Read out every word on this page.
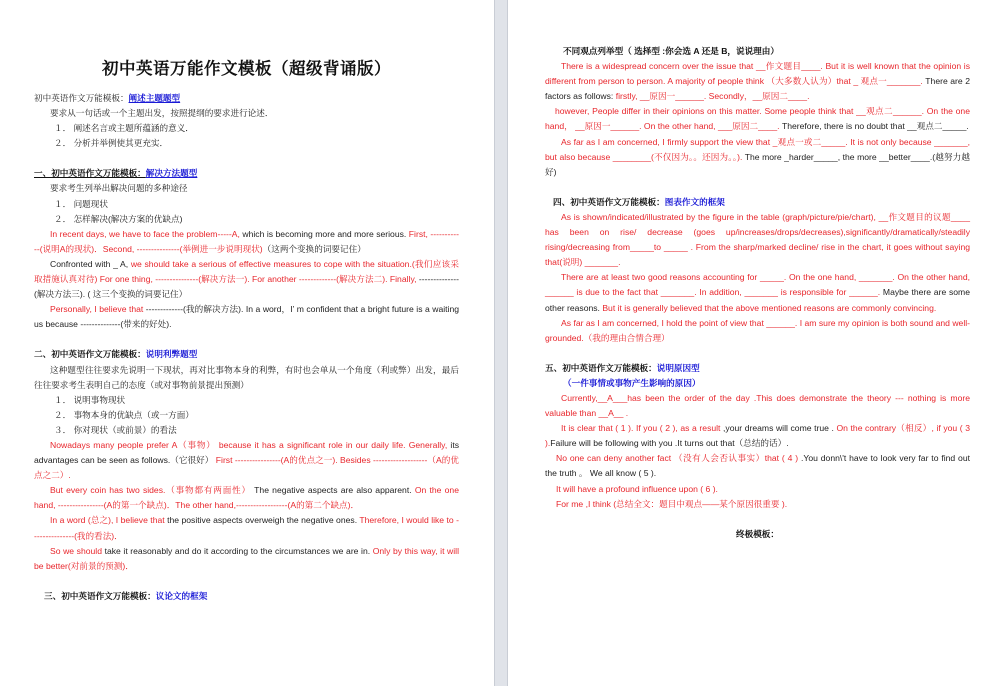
初中英语万能作文模板（超级背诵版）
初中英语作文万能模板：阐述主题题型
要求从一句话或一个主题出发，按照提纲的要求进行论述．
１． 阐述名言或主题所蕴涵的意义．
２． 分析并举例使其更充实．
一、初中英语作文万能模板：解决方法题型
要求考生列举出解决问题的多种途径
１． 问题现状
２． 怎样解决(解决方案的优缺点)
In recent days, we have to face the problem-----A, which is becoming more and more serious. First, ------------(说明A的现状)．Second, ---------------(举例进一步说明现状)（这两个变换的词要记住）
Confronted with _ A, we should take a serious of effective measures to cope with the situation.(我们应该采取措施认真对待) For one thing, ---------------(解决方法一). For another -------------(解决方法二). Finally, --------------(解决方法三). ( 这三个变换的词要记住）
Personally, I believe that -------------(我的解决方法). In a word，I’ m confident that a bright future is a waiting us because --------------(带来的好处).
二、初中英语作文万能模板：说明利弊题型
这种题型往往要求先说明一下现状，再对比事物本身的利弊，有时也会单从一个角度（利或弊）出发，最后往往要求考生表明自己的态度（或对事物前景提出预测）
１． 说明事物现状
２． 事物本身的优缺点（或一方面）
３． 你对现状（或前景）的看法
Nowadays many people prefer A（事物） because it has a significant role in our daily life. Generally, its advantages can be seen as follows.（它很好） First ----------------(A的优点之一). Besides -------------------（A的优点之二）.
But every coin has two sides.（事物都有两面性） The negative aspects are also apparent. On the one hand, ----------------(A的第一个缺点)．The other hand,------------------(A的第二个缺点)．
In a word (总之), I believe that the positive aspects overweigh the negative ones. Therefore, I would like to ---------------(我的看法)．
So we should take it reasonably and do it according to the circumstances we are in. Only by this way, it will be better(对前景的预测)．
三、初中英语作文万能模板：议论文的框架
不同观点列举型（ 选择型 :你会选 A 还是 B，说说理由）
There is a widespread concern over the issue that __作文题目____. But it is well known that the opinion is different from person to person. A majority of people think （大多数人认为）that _ 观点一_______. There are 2 factors as follows: firstly, __原因一______. Secondly，__原因二____.
however, People differ in their opinions on this matter. Some people think that __观点二______. On the one hand， __原因一______. On the other hand, ___原因二____. Therefore, there is no doubt that __观点二_____.
As far as I am concerned, I firmly support the view that _观点一或二_____. It is not only because _______, but also because ________(不仅因为。。还因为。。). The more _harder_____, the more __better____.(越努力越好)
四、初中英语作文万能模板：图表作文的框架
As is shown/indicated/illustrated by the figure in the table (graph/picture/pie/chart), __作文题目的议题____ has been on rise/ decrease (goes up/increases/drops/decreases),significantly/dramatically/steadily rising/decreasing from_____to _____ . From the sharp/marked decline/ rise in the chart, it goes without saying that(说明) _______.
There are at least two good reasons accounting for _____. On the one hand, _______. On the other hand, ______ is due to the fact that _______. In addition, _______ is responsible for ______. Maybe there are some other reasons. But it is generally believed that the above mentioned reasons are commonly convincing.
As far as I am concerned, I hold the point of view that ______. I am sure my opinion is both sound and well-grounded.（我的理由合情合理）
五、初中英语作文万能模板：说明原因型
（一件事情或事物产生影响的原因）
Currently,__A___has been the order of the day .This does demonstrate the theory --- nothing is more valuable than __A__ .
It is clear that ( 1 ). If you ( 2 ), as a result ,your dreams will come true . On the contrary（相反）, if you ( 3 ).Failure will be following with you .It turns out that（总结的话）.
No one can deny another fact （没有人会否认事实）that ( 4 ) .You donn\'t have to look very far to find out the truth 。 We all know ( 5 ).
It will have a profound influence upon ( 6 ).
For me ,I think (总结全文：题目中观点——某个原因很重要 ).
终极模板：
